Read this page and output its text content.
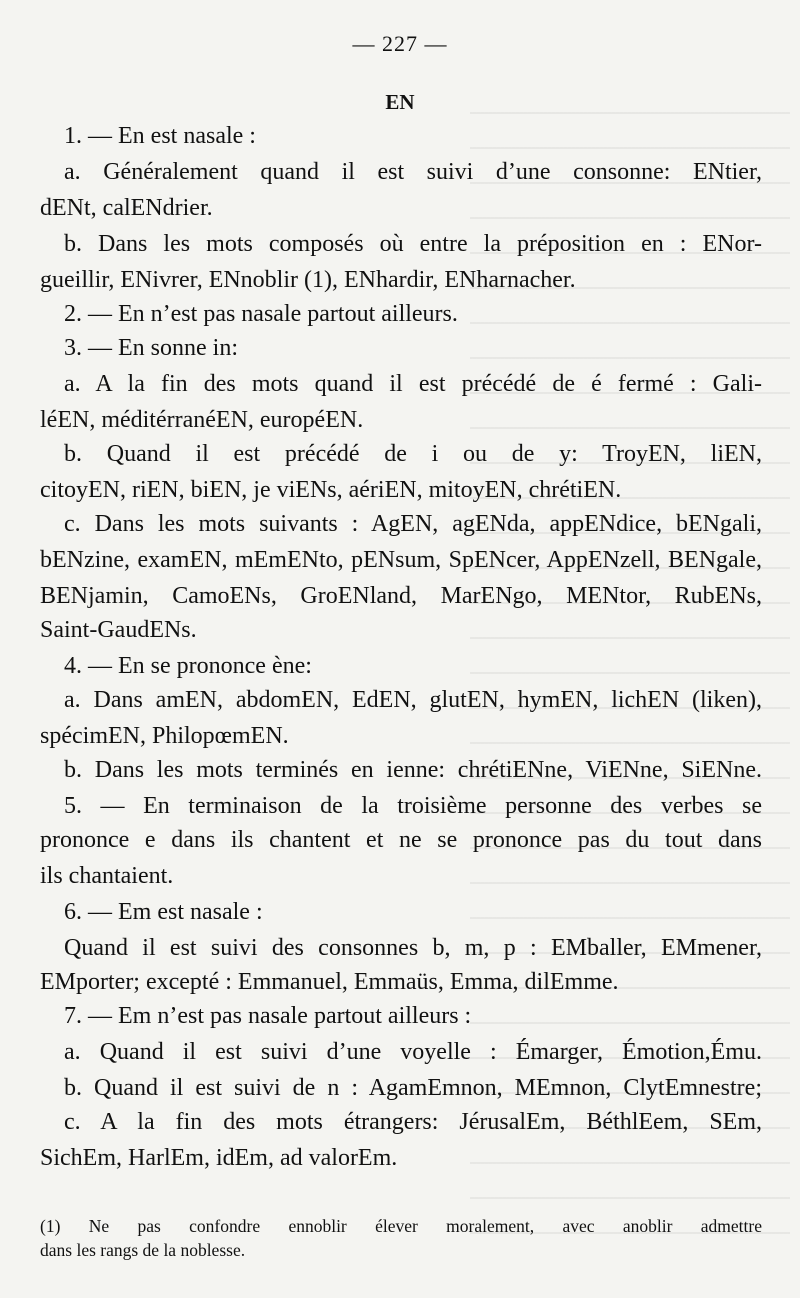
— 227 —
EN
1. — En est nasale :
a. Généralement quand il est suivi d’une consonne: ENtier,
dENt, calENdrier.
b. Dans les mots composés où entre la préposition en : ENor-
gueillir, ENivrer, ENnoblir (1), ENhardir, ENharnacher.
2. — En n’est pas nasale partout ailleurs.
3. — En sonne in:
a. A la fin des mots quand il est précédé de é fermé : Gali-
léEN, méditérranéEN, européEN.
b. Quand il est précédé de i ou de y: TroyEN, liEN,
citoyEN, riEN, biEN, je viENs, aériEN, mitoyEN, chrétiEN.
c. Dans les mots suivants : AgEN, agENda, appENdice, bENgali,
bENzine, examEN, mEmENto, pENsum, SpENcer, AppENzell, BENgale,
BENjamin, CamoENs, GroENland, MarENgo, MENtor, RubENs,
Saint-GaudENs.
4. — En se prononce ène:
a. Dans amEN, abdomEN, EdEN, glutEN, hymEN, lichEN (liken),
spécimEN, PhilopœmEN.
b. Dans les mots terminés en ienne: chrétiENne, ViENne, SiENne.
5. — En terminaison de la troisième personne des verbes se
prononce e dans ils chantent et ne se prononce pas du tout dans
ils chantaient.
6. — Em est nasale :
Quand il est suivi des consonnes b, m, p : EMballer, EMmener,
EMporter; excepté : Emmanuel, Emmaüs, Emma, dilEmme.
7. — Em n’est pas nasale partout ailleurs :
a. Quand il est suivi d’une voyelle : Émarger, Émotion,Ému.
b. Quand il est suivi de n : AgamEmnon, MEmnon, ClytEmnestre;
c. A la fin des mots étrangers: JérusalEm, BéthlEem, SEm,
SichEm, HarlEm, idEm, ad valorEm.
(1) Ne pas confondre ennoblir élever moralement, avec anoblir admettre
dans les rangs de la noblesse.
